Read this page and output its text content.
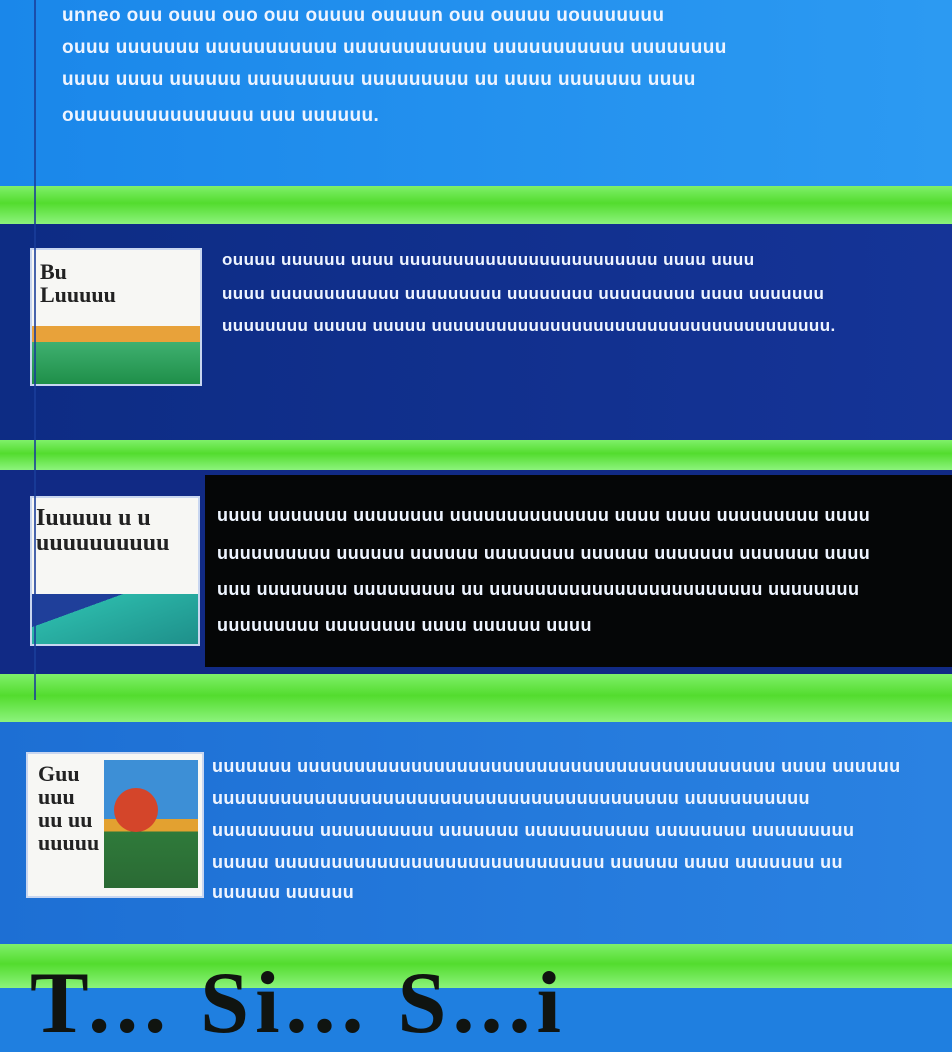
unneo ouu ouuu ouo ouu ouuuu ouuuun ouu ouuuu uouuuuuuu
ouuu uuuuuuu uuuuuuuuuuu uuuuuuuuuuuu uuuuuuuuuuu uuuuuuuu
uuuu uuuu uuuuuu uuuuuuuuu uuuuuuuuu uu uuuu uuuuuuu uuuu
ouuuuuuuuuuuuuuu uuu uuuuuu.
Bu
Luuuuu
ouuuu uuuuuu uuuu uuuuuuuuuuuuuuuuuuuuuuuu uuuu uuuu
uuuu uuuuuuuuuuuu uuuuuuuuu uuuuuuuu uuuuuuuuu uuuu uuuuuuu
uuuuuuuu uuuuu uuuuu uuuuuuuuuuuuuuuuuuuuuuuuuuuuuuuuuuuuu.
Iuuuuu u u
uuuuuuuuuu
uuuu uuuuuuu uuuuuuuu uuuuuuuuuuuuuu uuuu uuuu uuuuuuuuu uuuu
uuuuuuuuuu uuuuuu uuuuuu uuuuuuuu uuuuuu uuuuuuu uuuuuuu uuuu
uuu uuuuuuuu uuuuuuuuu uu uuuuuuuuuuuuuuuuuuuuuuuu uuuuuuuu
uuuuuuuuu uuuuuuuu uuuu uuuuuu uuuu
Guu
uuu
uu uu
uuuuu
uuuuuuu uuuuuuuuuuuuuuuuuuuuuuuuuuuuuuuuuuuuuuuuuu uuuu uuuuuu
uuuuuuuuuuuuuuuuuuuuuuuuuuuuuuuuuuuuuuuuu uuuuuuuuuuu
uuuuuuuuu uuuuuuuuuu uuuuuuu uuuuuuuuuuu uuuuuuuu uuuuuuuuu
uuuuu uuuuuuuuuuuuuuuuuuuuuuuuuuuuu uuuuuu uuuu uuuuuuu uu
uuuuuu uuuuuu
T... Si... S...i
